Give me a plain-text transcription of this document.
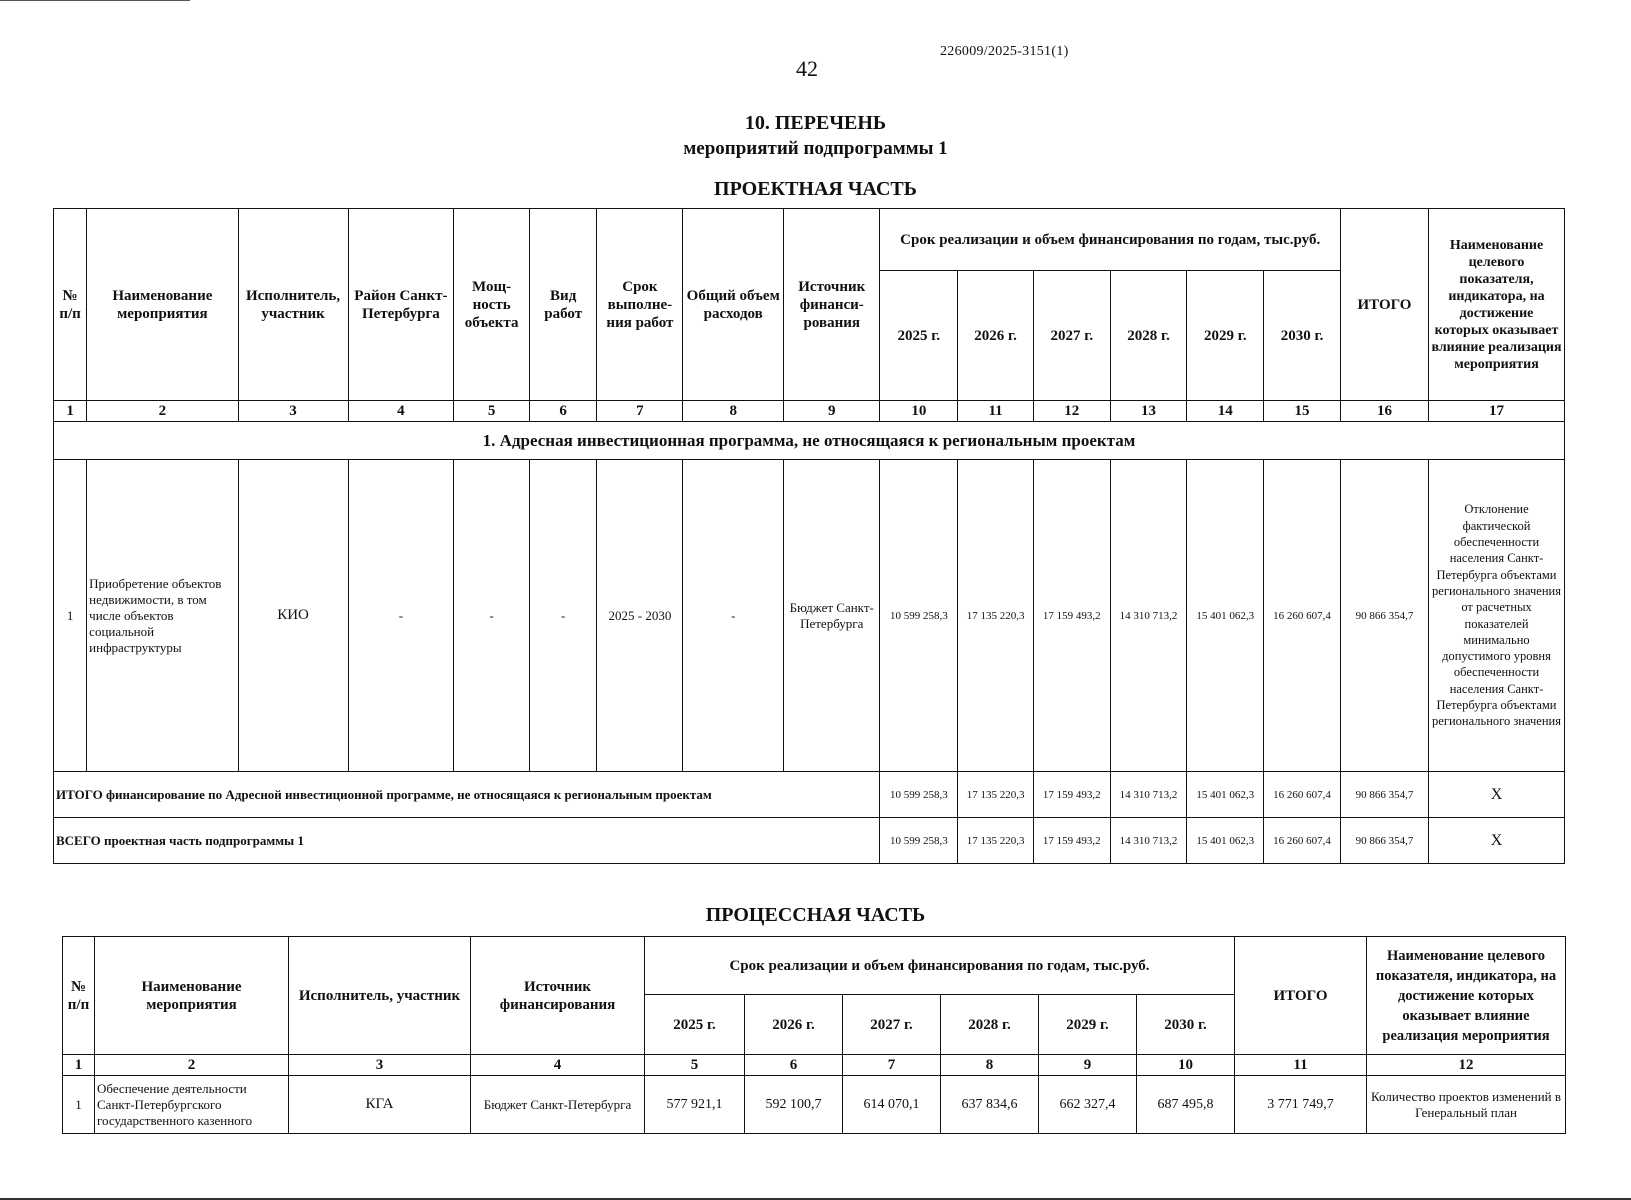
226009/2025-3151(1)
42
10. ПЕРЕЧЕНЬ
мероприятий подпрограммы 1
ПРОЕКТНАЯ ЧАСТЬ
№ п/п	Наименование мероприятия	Исполнитель, участник	Район Санкт-Петербурга	Мощ-ность объекта	Вид работ	Срок выполне-ния работ	Общий объем расходов	Источник финанси-рования	Срок реализации и объем финансирования по годам, тыс.руб.						ИТОГО	Наименование целевого показателя, индикатора, на достижение которых оказывает влияние реализация мероприятия
									2025 г.	2026 г.	2027 г.	2028 г.	2029 г.	2030 г.		
1	2	3	4	5	6	7	8	9	10	11	12	13	14	15	16	17
1. Адресная инвестиционная программа, не относящаяся к региональным проектам																
1	Приобретение объектов недвижимости, в том числе объектов социальной инфраструктуры	КИО	-	-	-	2025 - 2030	-	Бюджет Санкт-Петербурга	10 599 258,3	17 135 220,3	17 159 493,2	14 310 713,2	15 401 062,3	16 260 607,4	90 866 354,7	Отклонение фактической обеспеченности населения Санкт-Петербурга объектами регионального значения от расчетных показателей минимально допустимого уровня обеспеченности населения Санкт-Петербурга объектами регионального значения
ИТОГО финансирование по Адресной инвестиционной программе, не относящаяся к региональным проектам									10 599 258,3	17 135 220,3	17 159 493,2	14 310 713,2	15 401 062,3	16 260 607,4	90 866 354,7	Х
ВСЕГО проектная часть подпрограммы 1									10 599 258,3	17 135 220,3	17 159 493,2	14 310 713,2	15 401 062,3	16 260 607,4	90 866 354,7	Х
ПРОЦЕССНАЯ ЧАСТЬ
№ п/п	Наименование мероприятия	Исполнитель, участник	Источник финансирования	Срок реализации и объем финансирования по годам, тыс.руб.						ИТОГО	Наименование целевого показателя, индикатора, на достижение которых оказывает влияние реализация мероприятия
				2025 г.	2026 г.	2027 г.	2028 г.	2029 г.	2030 г.		
1	2	3	4	5	6	7	8	9	10	11	12
1	Обеспечение деятельности Санкт-Петербургского государственного казенного	КГА	Бюджет Санкт-Петербурга	577 921,1	592 100,7	614 070,1	637 834,6	662 327,4	687 495,8	3 771 749,7	Количество проектов изменений в Генеральный план
